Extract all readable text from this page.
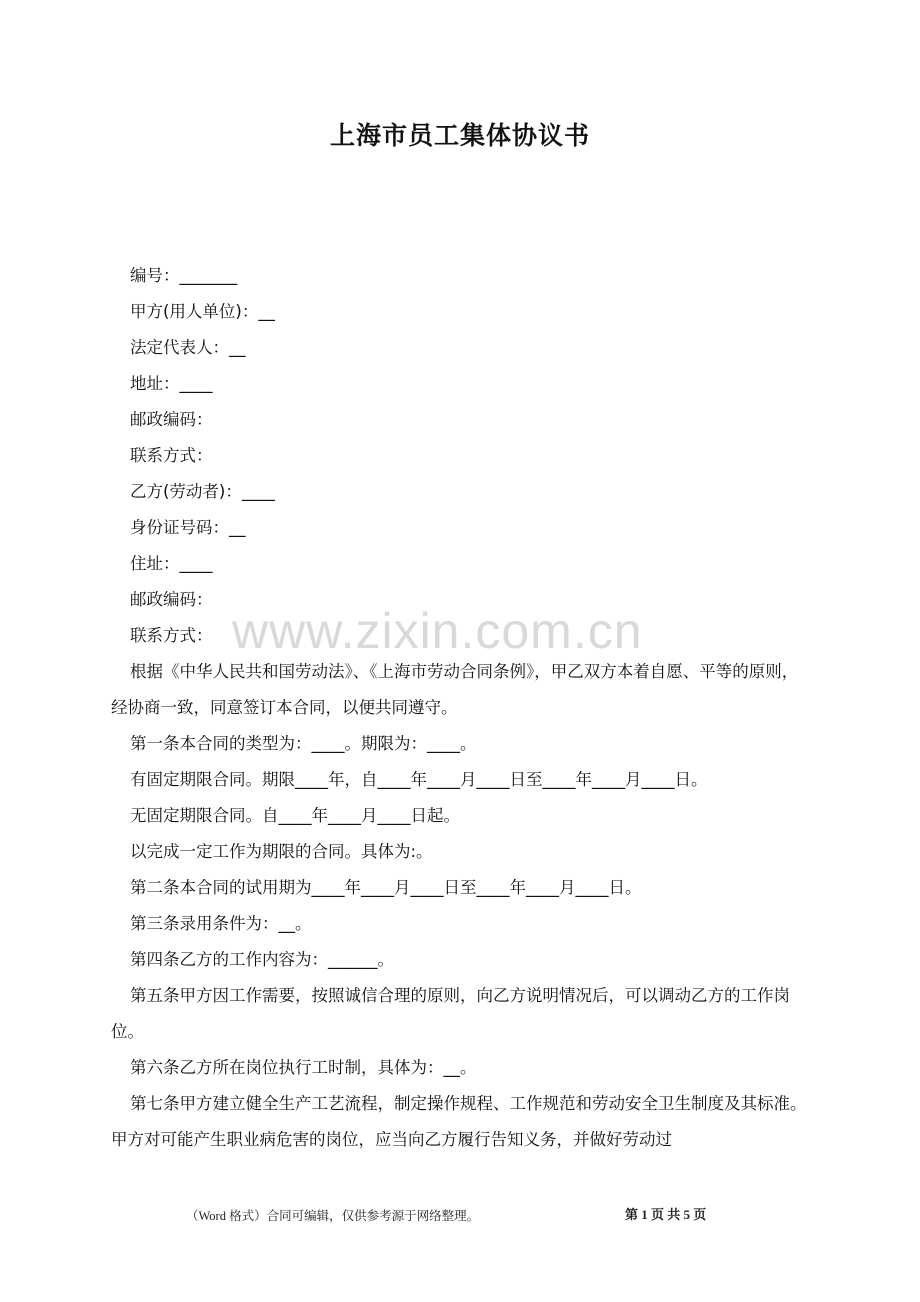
上海市员工集体协议书
www.zixin.com.cn

编号：_______

甲方(用人单位)：__

法定代表人：__

地址：____

邮政编码：

联系方式：

乙方(劳动者)：____

身份证号码：__

住址：____

邮政编码：

联系方式：

根据《中华人民共和国劳动法》、《上海市劳动合同条例》，甲乙双方本着自愿、平等的原则，经协商一致，同意签订本合同，以便共同遵守。

第一条本合同的类型为：____。期限为：____。

有固定期限合同。期限____年，自____年____月____日至____年____月____日。

无固定期限合同。自____年____月____日起。

以完成一定工作为期限的合同。具体为:。

第二条本合同的试用期为____年____月____日至____年____月____日。

第三条录用条件为：__。

第四条乙方的工作内容为：______。

第五条甲方因工作需要，按照诚信合理的原则，向乙方说明情况后，可以调动乙方的工作岗位。

第六条乙方所在岗位执行工时制，具体为：__。

第七条甲方建立健全生产工艺流程，制定操作规程、工作规范和劳动安全卫生制度及其标准。甲方对可能产生职业病危害的岗位，应当向乙方履行告知义务，并做好劳动过

（Word 格式）合同可编辑，仅供参考源于网络整理。	第 1 页 共 5 页
